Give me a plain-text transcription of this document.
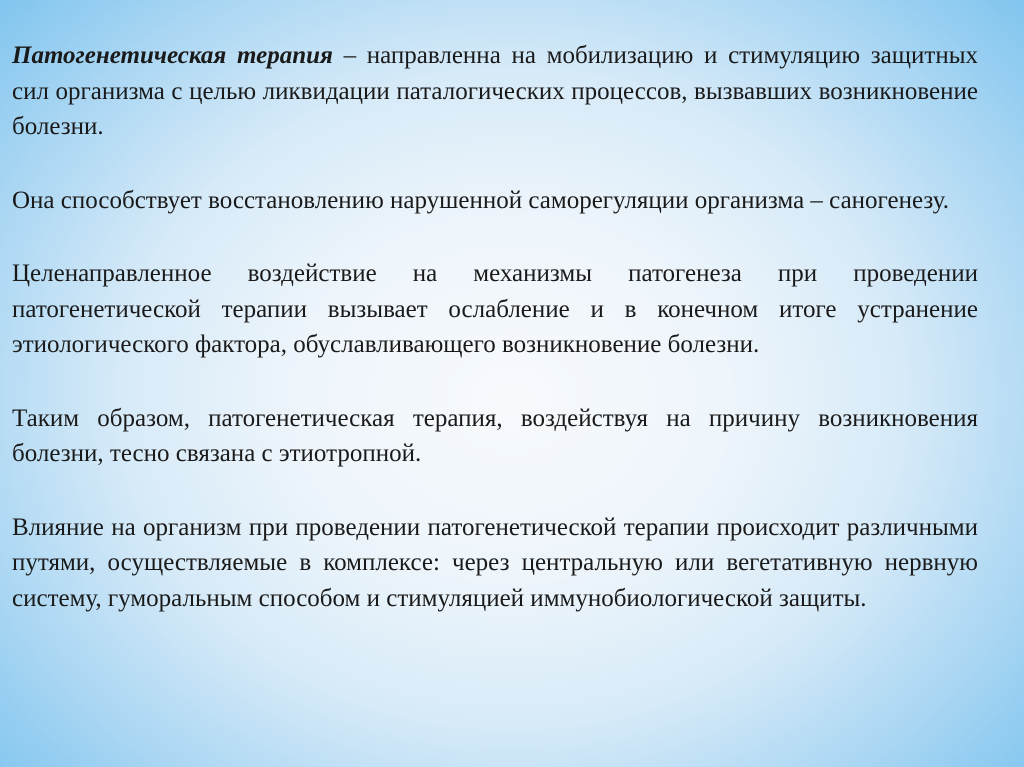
Патогенетическая терапия – направленна на мобилизацию и стимуляцию защитных сил организма с целью ликвидации паталогических процессов, вызвавших возникновение болезни.

Она способствует восстановлению нарушенной саморегуляции организма – саногенезу.

Целенаправленное воздействие на механизмы патогенеза при проведении патогенетической терапии вызывает ослабление и в конечном итоге устранение этиологического фактора, обуславливающего возникновение болезни.

Таким образом, патогенетическая терапия, воздействуя на причину возникновения болезни, тесно связана с этиотропной.

Влияние на организм при проведении патогенетической терапии происходит различными путями, осуществляемые в комплексе: через центральную или вегетативную нервную систему, гуморальным способом и стимуляцией иммунобиологической защиты.
